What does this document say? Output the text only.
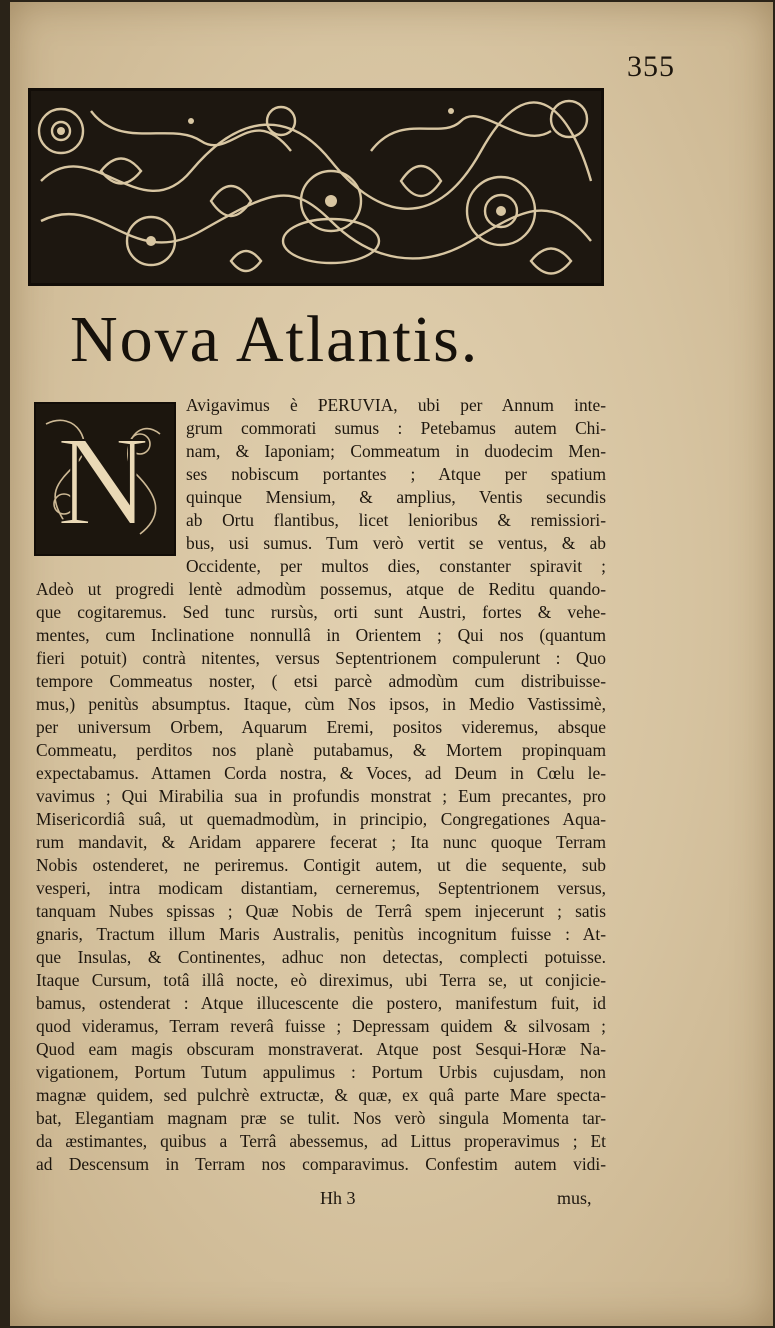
355
Nova Atlantis.
N
Avigavimus è PERUVIA, ubi per Annum inte-
grum commorati sumus : Petebamus autem Chi-
nam, & Iaponiam; Commeatum in duodecim Men-
ses nobiscum portantes ; Atque per spatium
quinque Mensium, & amplius, Ventis secundis
ab Ortu flantibus, licet lenioribus & remissiori-
bus, usi sumus. Tum verò vertit se ventus, & ab
Occidente, per multos dies, constanter spiravit ;
Adeò ut progredi lentè admodùm possemus, atque de Reditu quando-
que cogitaremus. Sed tunc rursùs, orti sunt Austri, fortes & vehe-
mentes, cum Inclinatione nonnullâ in Orientem ; Qui nos (quantum
fieri potuit) contrà nitentes, versus Septentrionem compulerunt : Quo
tempore Commeatus noster, ( etsi parcè admodùm cum distribuisse-
mus,) penitùs absumptus. Itaque, cùm Nos ipsos, in Medio Vastissimè,
per universum Orbem, Aquarum Eremi, positos videremus, absque
Commeatu, perditos nos planè putabamus, & Mortem propinquam
expectabamus. Attamen Corda nostra, & Voces, ad Deum in Cœlu le-
vavimus ; Qui Mirabilia sua in profundis monstrat ; Eum precantes, pro
Misericordiâ suâ, ut quemadmodùm, in principio, Congregationes Aqua-
rum mandavit, & Aridam apparere fecerat ; Ita nunc quoque Terram
Nobis ostenderet, ne periremus. Contigit autem, ut die sequente, sub
vesperi, intra modicam distantiam, cerneremus, Septentrionem versus,
tanquam Nubes spissas ; Quæ Nobis de Terrâ spem injecerunt ; satis
gnaris, Tractum illum Maris Australis, penitùs incognitum fuisse : At-
que Insulas, & Continentes, adhuc non detectas, complecti potuisse.
Itaque Cursum, totâ illâ nocte, eò direximus, ubi Terra se, ut conjicie-
bamus, ostenderat : Atque illucescente die postero, manifestum fuit, id
quod videramus, Terram reverâ fuisse ; Depressam quidem & silvosam ;
Quod eam magis obscuram monstraverat. Atque post Sesqui-Horæ Na-
vigationem, Portum Tutum appulimus : Portum Urbis cujusdam, non
magnæ quidem, sed pulchrè extructæ, & quæ, ex quâ parte Mare specta-
bat, Elegantiam magnam præ se tulit. Nos verò singula Momenta tar-
da æstimantes, quibus a Terrâ abessemus, ad Littus properavimus ; Et
ad Descensum in Terram nos comparavimus. Confestim autem vidi-
Hh 3	mus,
